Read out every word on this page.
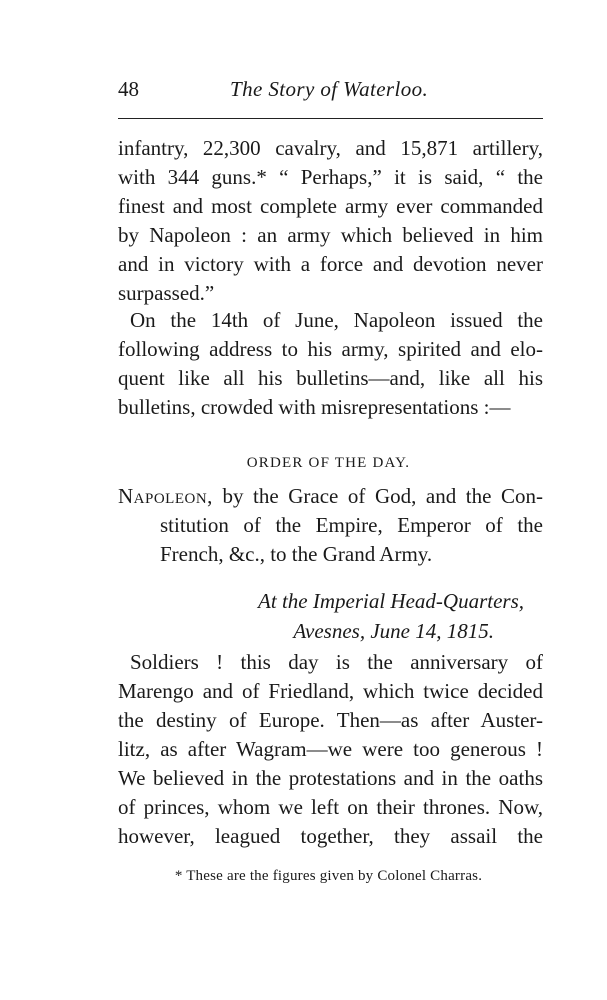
48	The Story of Waterloo.
infantry, 22,300 cavalry, and 15,871 artillery,
with 344 guns.* “ Perhaps,” it is said, “ the
finest and most complete army ever commanded
by Napoleon : an army which believed in him
and in victory with a force and devotion never
surpassed.”
On the 14th of June, Napoleon issued the
following address to his army, spirited and elo-
quent like all his bulletins—and, like all his
bulletins, crowded with misrepresentations :—
ORDER OF THE DAY.
Napoleon, by the Grace of God, and the Con-
stitution of the Empire, Emperor of the
French, &c., to the Grand Army.
At the Imperial Head-Quarters,
Avesnes, June 14, 1815.
Soldiers ! this day is the anniversary of
Marengo and of Friedland, which twice decided
the destiny of Europe. Then—as after Auster-
litz, as after Wagram—we were too generous !
We believed in the protestations and in the oaths
of princes, whom we left on their thrones. Now,
however, leagued together, they assail the
* These are the figures given by Colonel Charras.
